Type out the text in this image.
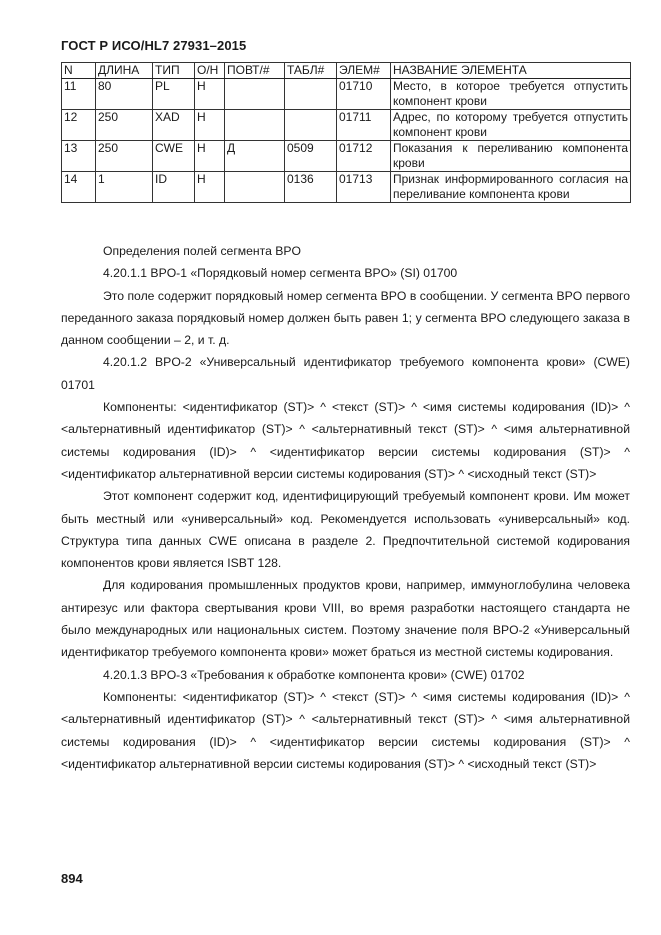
ГОСТ Р ИСО/HL7 27931–2015
N	ДЛИНА	ТИП	О/Н	ПОВТ/#	ТАБЛ#	ЭЛЕМ#	НАЗВАНИЕ ЭЛЕМЕНТА
11	80	PL	Н			01710	Место, в которое требуется отпустить компонент крови
12	250	XAD	Н			01711	Адрес, по которому требуется отпустить компонент крови
13	250	CWE	Н	Д	0509	01712	Показания к переливанию компонента крови
14	1	ID	Н		0136	01713	Признак информированного согласия на переливание компонента крови

Определения полей сегмента BPO

4.20.1.1 BPO-1 «Порядковый номер сегмента BPO» (SI) 01700

Это поле содержит порядковый номер сегмента BPO в сообщении. У сегмента BPO первого переданного заказа порядковый номер должен быть равен 1; у сегмента BPO следующего заказа в данном сообщении – 2, и т. д.

4.20.1.2 BPO-2 «Универсальный идентификатор требуемого компонента крови» (CWE) 01701

Компоненты: <идентификатор (ST)> ^ <текст (ST)> ^ <имя системы кодирования (ID)> ^ <альтернативный идентификатор (ST)> ^ <альтернативный текст (ST)> ^ <имя альтернативной системы кодирования (ID)> ^ <идентификатор версии системы кодирования (ST)> ^ <идентификатор альтернативной версии системы кодирования (ST)> ^ <исходный текст (ST)>

Этот компонент содержит код, идентифицирующий требуемый компонент крови. Им может быть местный или «универсальный» код. Рекомендуется использовать «универсальный» код. Структура типа данных CWE описана в разделе 2. Предпочтительной системой кодирования компонентов крови является ISBT 128.

Для кодирования промышленных продуктов крови, например, иммуноглобулина человека антирезус или фактора свертывания крови VIII, во время разработки настоящего стандарта не было международных или национальных систем. Поэтому значение поля BPO-2 «Универсальный идентификатор требуемого компонента крови» может браться из местной системы кодирования.

4.20.1.3 BPO-3 «Требования к обработке компонента крови» (CWE) 01702

Компоненты: <идентификатор (ST)> ^ <текст (ST)> ^ <имя системы кодирования (ID)> ^ <альтернативный идентификатор (ST)> ^ <альтернативный текст (ST)> ^ <имя альтернативной системы кодирования (ID)> ^ <идентификатор версии системы кодирования (ST)> ^ <идентификатор альтернативной версии системы кодирования (ST)> ^ <исходный текст (ST)>

894
